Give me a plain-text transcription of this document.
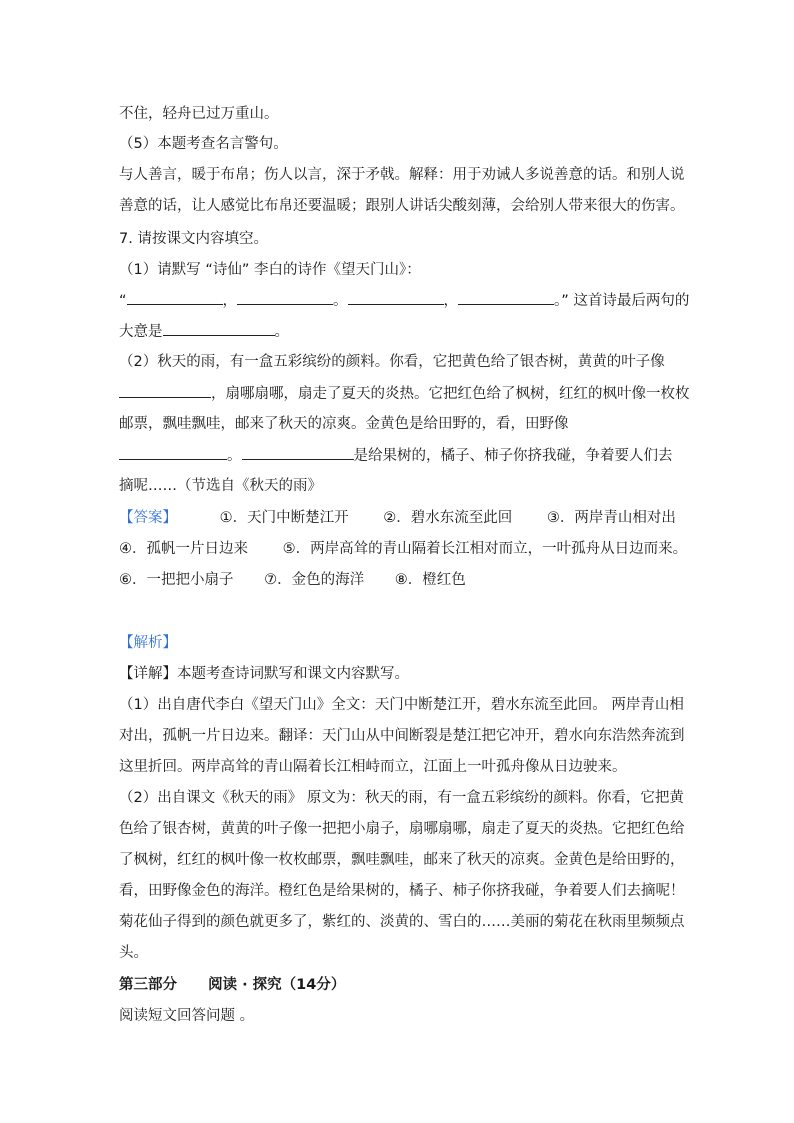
不住，轻舟已过万重山。
（5）本题考查名言警句。
与人善言，暖于布帛；伤人以言，深于矛戟。解释：用于劝诫人多说善意的话。和别人说
善意的话，让人感觉比布帛还要温暖；跟别人讲话尖酸刻薄，会给别人带来很大的伤害。
7. 请按课文内容填空。
（1）请默写 “诗仙” 李白的诗作《望天门山》：
“	，	。	，	。” 这首诗最后两句的
大意是	。
（2）秋天的雨，有一盒五彩缤纷的颜料。你看，它把黄色给了银杏树，黄黄的叶子像
，扇哪扇哪，扇走了夏天的炎热。它把红色给了枫树，红红的枫叶像一枚枚
邮票，飘哇飘哇，邮来了秋天的凉爽。金黄色是给田野的，看，田野像
。	是给果树的，橘子、柿子你挤我碰，争着要人们去
摘呢……（节选自《秋天的雨》
【答案】	①．天门中断楚江开 ②．碧水东流至此回 ③．两岸青山相对出
④．孤帆一片日边来 ⑤．两岸高耸的青山隔着长江相对而立，一叶孤舟从日边而来。
⑥．一把把小扇子 ⑦．金色的海洋 ⑧．橙红色
【解析】
【详解】本题考查诗词默写和课文内容默写。
（1）出自唐代李白《望天门山》全文：天门中断楚江开，碧水东流至此回。 两岸青山相
对出，孤帆一片日边来。翻译：天门山从中间断裂是楚江把它冲开，碧水向东浩然奔流到
这里折回。两岸高耸的青山隔着长江相峙而立，江面上一叶孤舟像从日边驶来。
（2）出自课文《秋天的雨》 原文为：秋天的雨，有一盒五彩缤纷的颜料。你看，它把黄
色给了银杏树，黄黄的叶子像一把把小扇子，扇哪扇哪，扇走了夏天的炎热。它把红色给
了枫树，红红的枫叶像一枚枚邮票，飘哇飘哇，邮来了秋天的凉爽。金黄色是给田野的，
看，田野像金色的海洋。橙红色是给果树的，橘子、柿子你挤我碰，争着要人们去摘呢！
菊花仙子得到的颜色就更多了，紫红的、淡黄的、雪白的……美丽的菊花在秋雨里频频点
头。
第三部分 阅读 · 探究（14分）
阅读短文回答问题 。
